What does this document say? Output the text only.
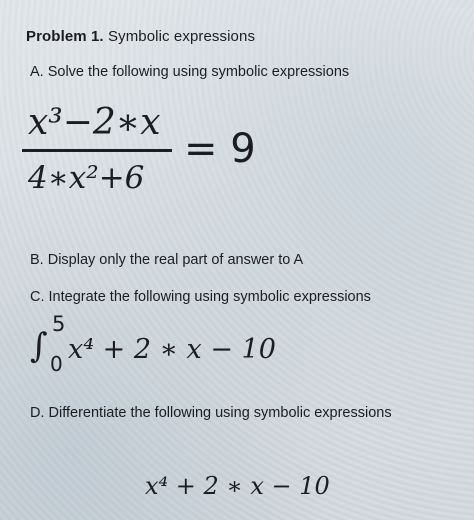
Problem 1. Symbolic expressions
A. Solve the following using symbolic expressions
x³−2∗x
4∗x²+6
= 9
B. Display only the real part of answer to A
C. Integrate the following using symbolic expressions
∫
5
0 x⁴ + 2 ∗ x − 10
D. Differentiate the following using symbolic expressions
x⁴ + 2 ∗ x − 10
